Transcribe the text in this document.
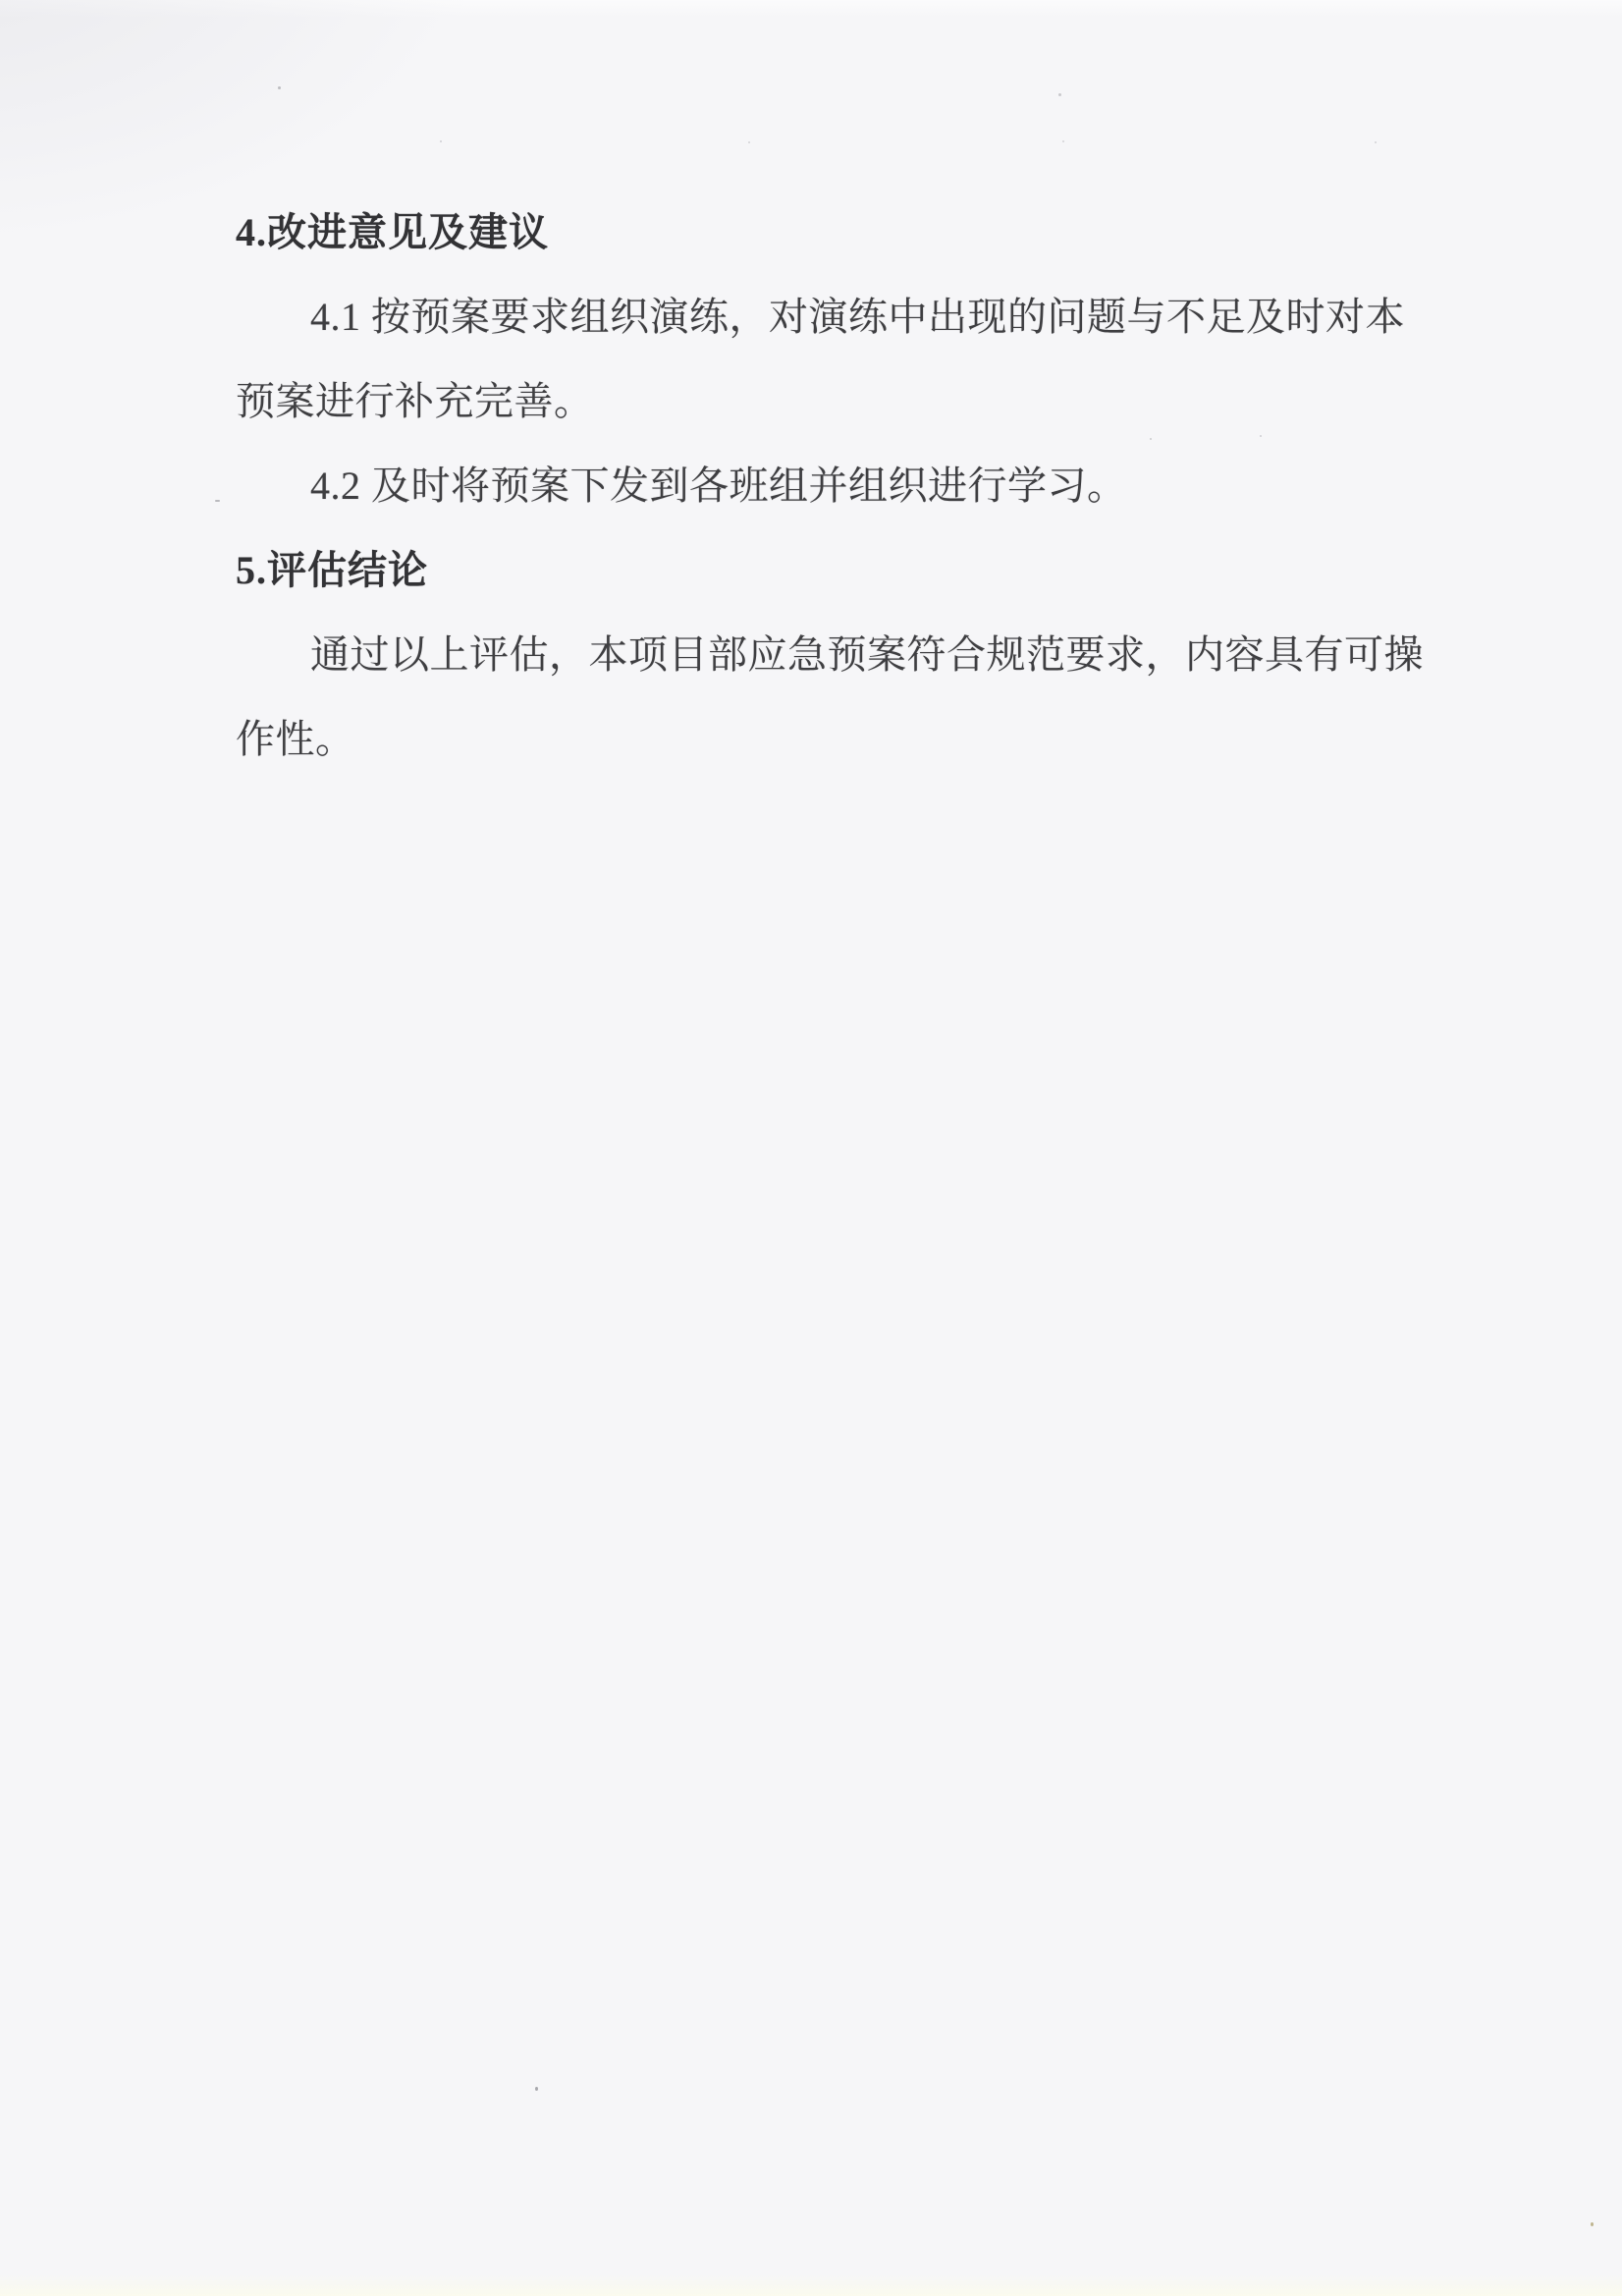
4.改进意见及建议
4.1 按预案要求组织演练，对演练中出现的问题与不足及时对本
预案进行补充完善。
4.2 及时将预案下发到各班组并组织进行学习。
5.评估结论
通过以上评估，本项目部应急预案符合规范要求，内容具有可操
作性。
